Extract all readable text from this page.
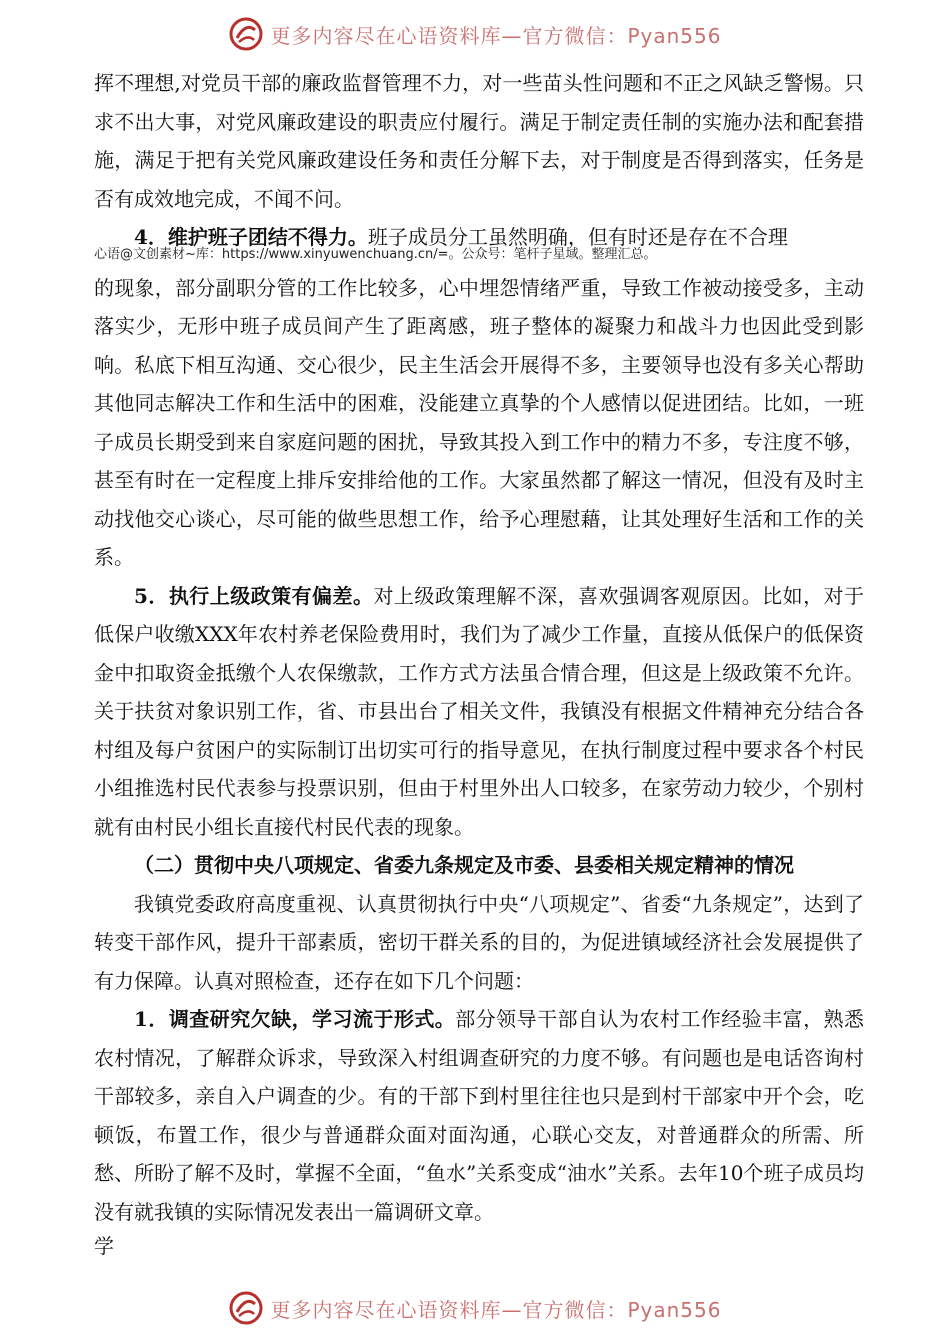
更多内容尽在心语资料库—官方微信：Pyan556

挥不理想,对党员干部的廉政监督管理不力，对一些苗头性问题和不正之风缺乏警惕。只求不出大事，对党风廉政建设的职责应付履行。满足于制定责任制的实施办法和配套措施，满足于把有关党风廉政建设任务和责任分解下去，对于制度是否得到落实，任务是否有成效地完成，不闻不问。

4．维护班子团结不得力。班子成员分工虽然明确，但有时还是存在不合理

心语@文创素材~库：https://www.xinyuwenchuang.cn/=。公众号：笔杆子星域。整理汇总。

的现象，部分副职分管的工作比较多，心中埋怨情绪严重，导致工作被动接受多，主动落实少，无形中班子成员间产生了距离感，班子整体的凝聚力和战斗力也因此受到影响。私底下相互沟通、交心很少，民主生活会开展得不多，主要领导也没有多关心帮助其他同志解决工作和生活中的困难，没能建立真挚的个人感情以促进团结。比如，一班子成员长期受到来自家庭问题的困扰，导致其投入到工作中的精力不多，专注度不够，甚至有时在一定程度上排斥安排给他的工作。大家虽然都了解这一情况，但没有及时主动找他交心谈心，尽可能的做些思想工作，给予心理慰藉，让其处理好生活和工作的关系。

5．执行上级政策有偏差。对上级政策理解不深，喜欢强调客观原因。比如，对于低保户收缴XXX年农村养老保险费用时，我们为了减少工作量，直接从低保户的低保资金中扣取资金抵缴个人农保缴款，工作方式方法虽合情合理，但这是上级政策不允许。关于扶贫对象识别工作，省、市县出台了相关文件，我镇没有根据文件精神充分结合各村组及每户贫困户的实际制订出切实可行的指导意见，在执行制度过程中要求各个村民小组推选村民代表参与投票识别，但由于村里外出人口较多，在家劳动力较少，个别村就有由村民小组长直接代村民代表的现象。

（二）贯彻中央八项规定、省委九条规定及市委、县委相关规定精神的情况

我镇党委政府高度重视、认真贯彻执行中央“八项规定”、省委“九条规定”，达到了转变干部作风，提升干部素质，密切干群关系的目的，为促进镇域经济社会发展提供了有力保障。认真对照检查，还存在如下几个问题：

1．调查研究欠缺，学习流于形式。部分领导干部自认为农村工作经验丰富，熟悉农村情况，了解群众诉求，导致深入村组调查研究的力度不够。有问题也是电话咨询村干部较多，亲自入户调查的少。有的干部下到村里往往也只是到村干部家中开个会，吃顿饭，布置工作，很少与普通群众面对面沟通，心联心交友，对普通群众的所需、所愁、所盼了解不及时，掌握不全面，“鱼水”关系变成“油水”关系。去年10个班子成员均没有就我镇的实际情况发表出一篇调研文章。

学

更多内容尽在心语资料库—官方微信：Pyan556
